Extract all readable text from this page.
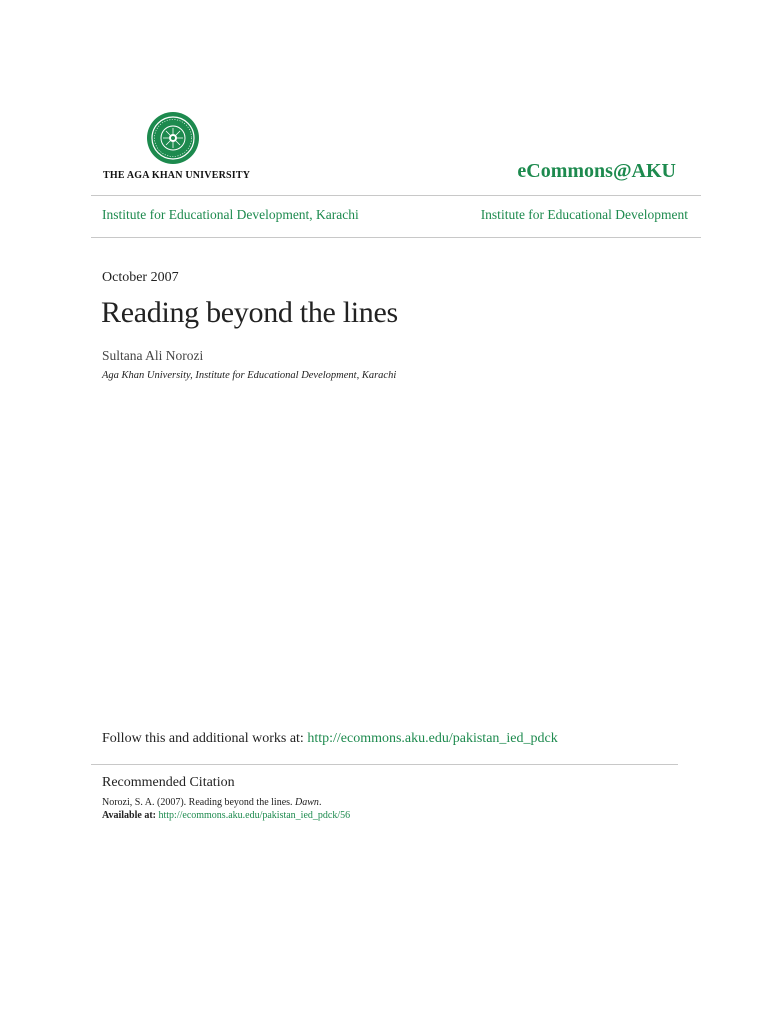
THE AGA KHAN UNIVERSITY	eCommons@AKU
Institute for Educational Development, Karachi	Institute for Educational Development
October 2007
Reading beyond the lines
Sultana Ali Norozi
Aga Khan University, Institute for Educational Development, Karachi
Follow this and additional works at: http://ecommons.aku.edu/pakistan_ied_pdck
Recommended Citation
Norozi, S. A. (2007). Reading beyond the lines. Dawn.
Available at: http://ecommons.aku.edu/pakistan_ied_pdck/56
